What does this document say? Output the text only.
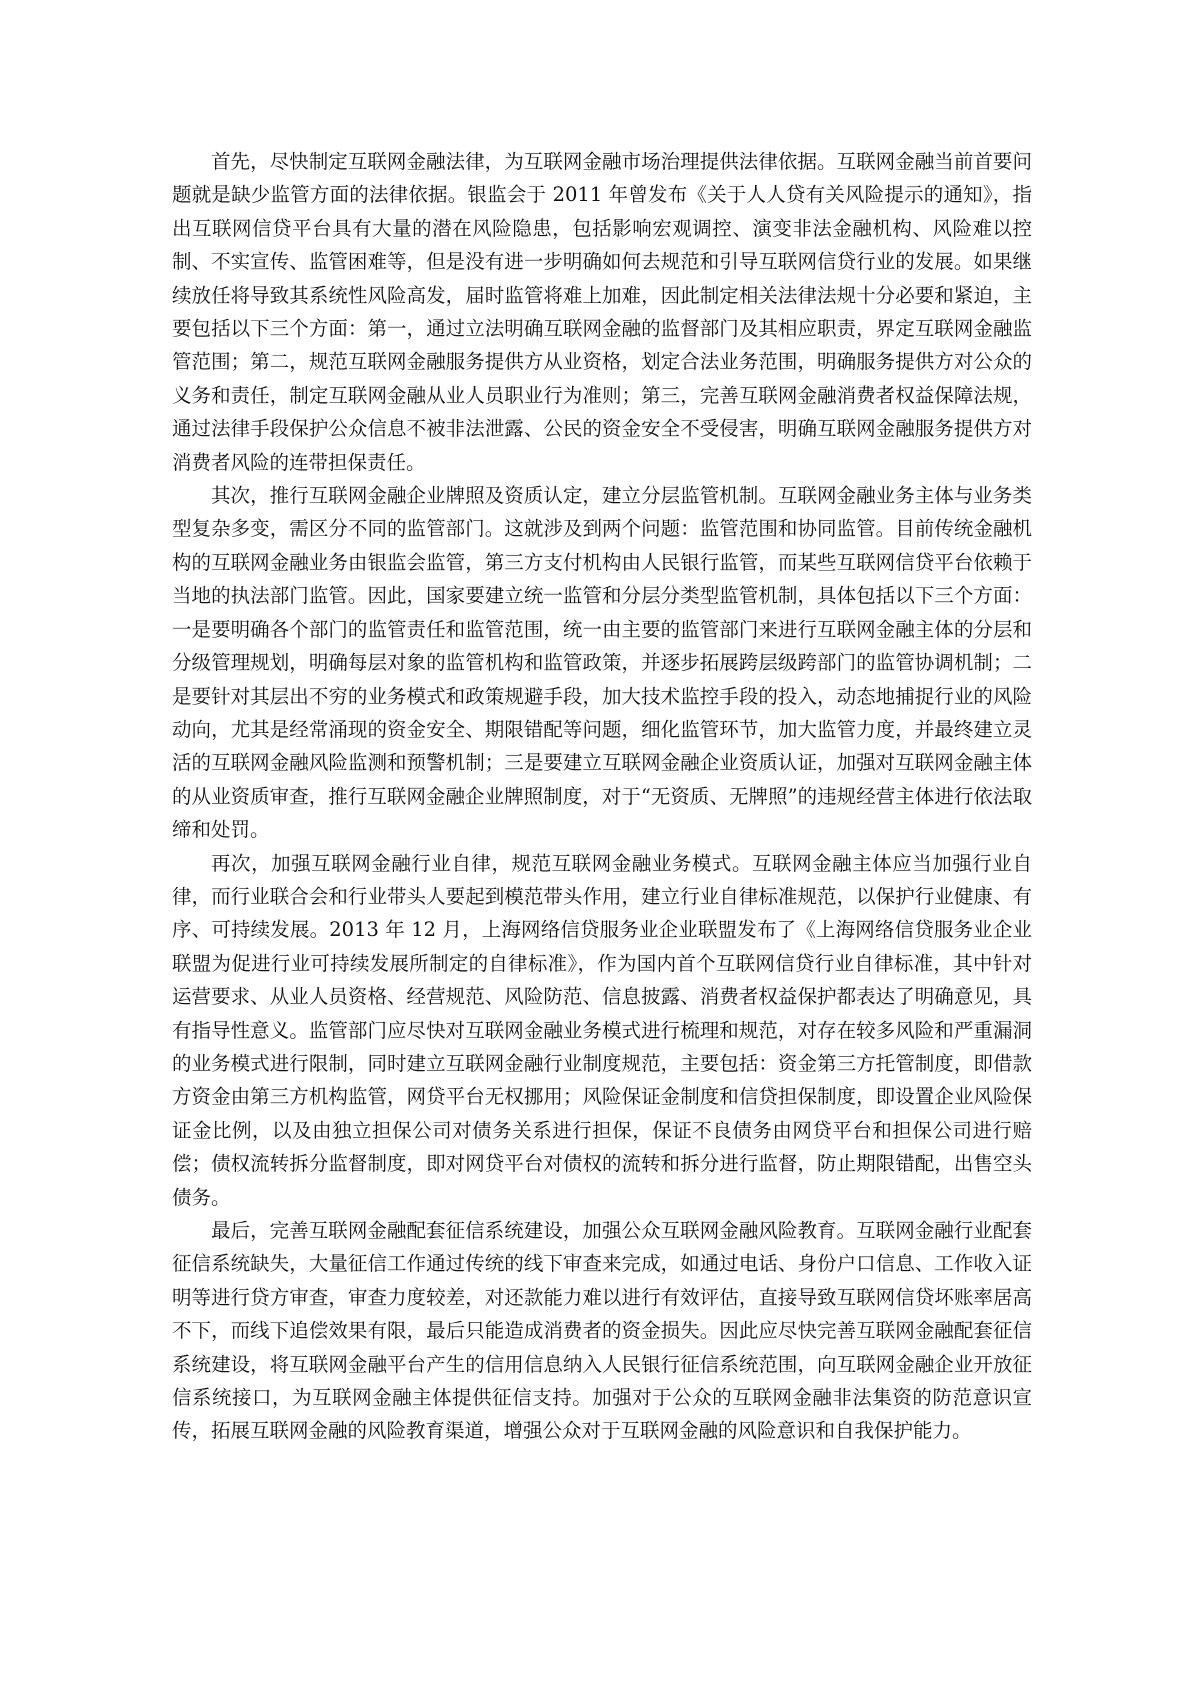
首先，尽快制定互联网金融法律，为互联网金融市场治理提供法律依据。互联网金融当前首要问题就是缺少监管方面的法律依据。银监会于 2011 年曾发布《关于人人贷有关风险提示的通知》，指出互联网信贷平台具有大量的潜在风险隐患，包括影响宏观调控、演变非法金融机构、风险难以控制、不实宣传、监管困难等，但是没有进一步明确如何去规范和引导互联网信贷行业的发展。如果继续放任将导致其系统性风险高发，届时监管将难上加难，因此制定相关法律法规十分必要和紧迫，主要包括以下三个方面：第一，通过立法明确互联网金融的监督部门及其相应职责，界定互联网金融监管范围；第二，规范互联网金融服务提供方从业资格，划定合法业务范围，明确服务提供方对公众的义务和责任，制定互联网金融从业人员职业行为准则；第三，完善互联网金融消费者权益保障法规，通过法律手段保护公众信息不被非法泄露、公民的资金安全不受侵害，明确互联网金融服务提供方对消费者风险的连带担保责任。

其次，推行互联网金融企业牌照及资质认定，建立分层监管机制。互联网金融业务主体与业务类型复杂多变，需区分不同的监管部门。这就涉及到两个问题：监管范围和协同监管。目前传统金融机构的互联网金融业务由银监会监管，第三方支付机构由人民银行监管，而某些互联网信贷平台依赖于当地的执法部门监管。因此，国家要建立统一监管和分层分类型监管机制，具体包括以下三个方面：一是要明确各个部门的监管责任和监管范围，统一由主要的监管部门来进行互联网金融主体的分层和分级管理规划，明确每层对象的监管机构和监管政策，并逐步拓展跨层级跨部门的监管协调机制；二是要针对其层出不穷的业务模式和政策规避手段，加大技术监控手段的投入，动态地捕捉行业的风险动向，尤其是经常涌现的资金安全、期限错配等问题，细化监管环节，加大监管力度，并最终建立灵活的互联网金融风险监测和预警机制；三是要建立互联网金融企业资质认证，加强对互联网金融主体的从业资质审查，推行互联网金融企业牌照制度，对于“无资质、无牌照”的违规经营主体进行依法取缔和处罚。

再次，加强互联网金融行业自律，规范互联网金融业务模式。互联网金融主体应当加强行业自律，而行业联合会和行业带头人要起到模范带头作用，建立行业自律标准规范，以保护行业健康、有序、可持续发展。2013 年 12 月，上海网络信贷服务业企业联盟发布了《上海网络信贷服务业企业联盟为促进行业可持续发展所制定的自律标准》，作为国内首个互联网信贷行业自律标准，其中针对运营要求、从业人员资格、经营规范、风险防范、信息披露、消费者权益保护都表达了明确意见，具有指导性意义。监管部门应尽快对互联网金融业务模式进行梳理和规范，对存在较多风险和严重漏洞的业务模式进行限制，同时建立互联网金融行业制度规范，主要包括：资金第三方托管制度，即借款方资金由第三方机构监管，网贷平台无权挪用；风险保证金制度和信贷担保制度，即设置企业风险保证金比例，以及由独立担保公司对债务关系进行担保，保证不良债务由网贷平台和担保公司进行赔偿；债权流转拆分监督制度，即对网贷平台对债权的流转和拆分进行监督，防止期限错配，出售空头债务。

最后，完善互联网金融配套征信系统建设，加强公众互联网金融风险教育。互联网金融行业配套征信系统缺失，大量征信工作通过传统的线下审查来完成，如通过电话、身份户口信息、工作收入证明等进行贷方审查，审查力度较差，对还款能力难以进行有效评估，直接导致互联网信贷坏账率居高不下，而线下追偿效果有限，最后只能造成消费者的资金损失。因此应尽快完善互联网金融配套征信系统建设，将互联网金融平台产生的信用信息纳入人民银行征信系统范围，向互联网金融企业开放征信系统接口，为互联网金融主体提供征信支持。加强对于公众的互联网金融非法集资的防范意识宣传，拓展互联网金融的风险教育渠道，增强公众对于互联网金融的风险意识和自我保护能力。
